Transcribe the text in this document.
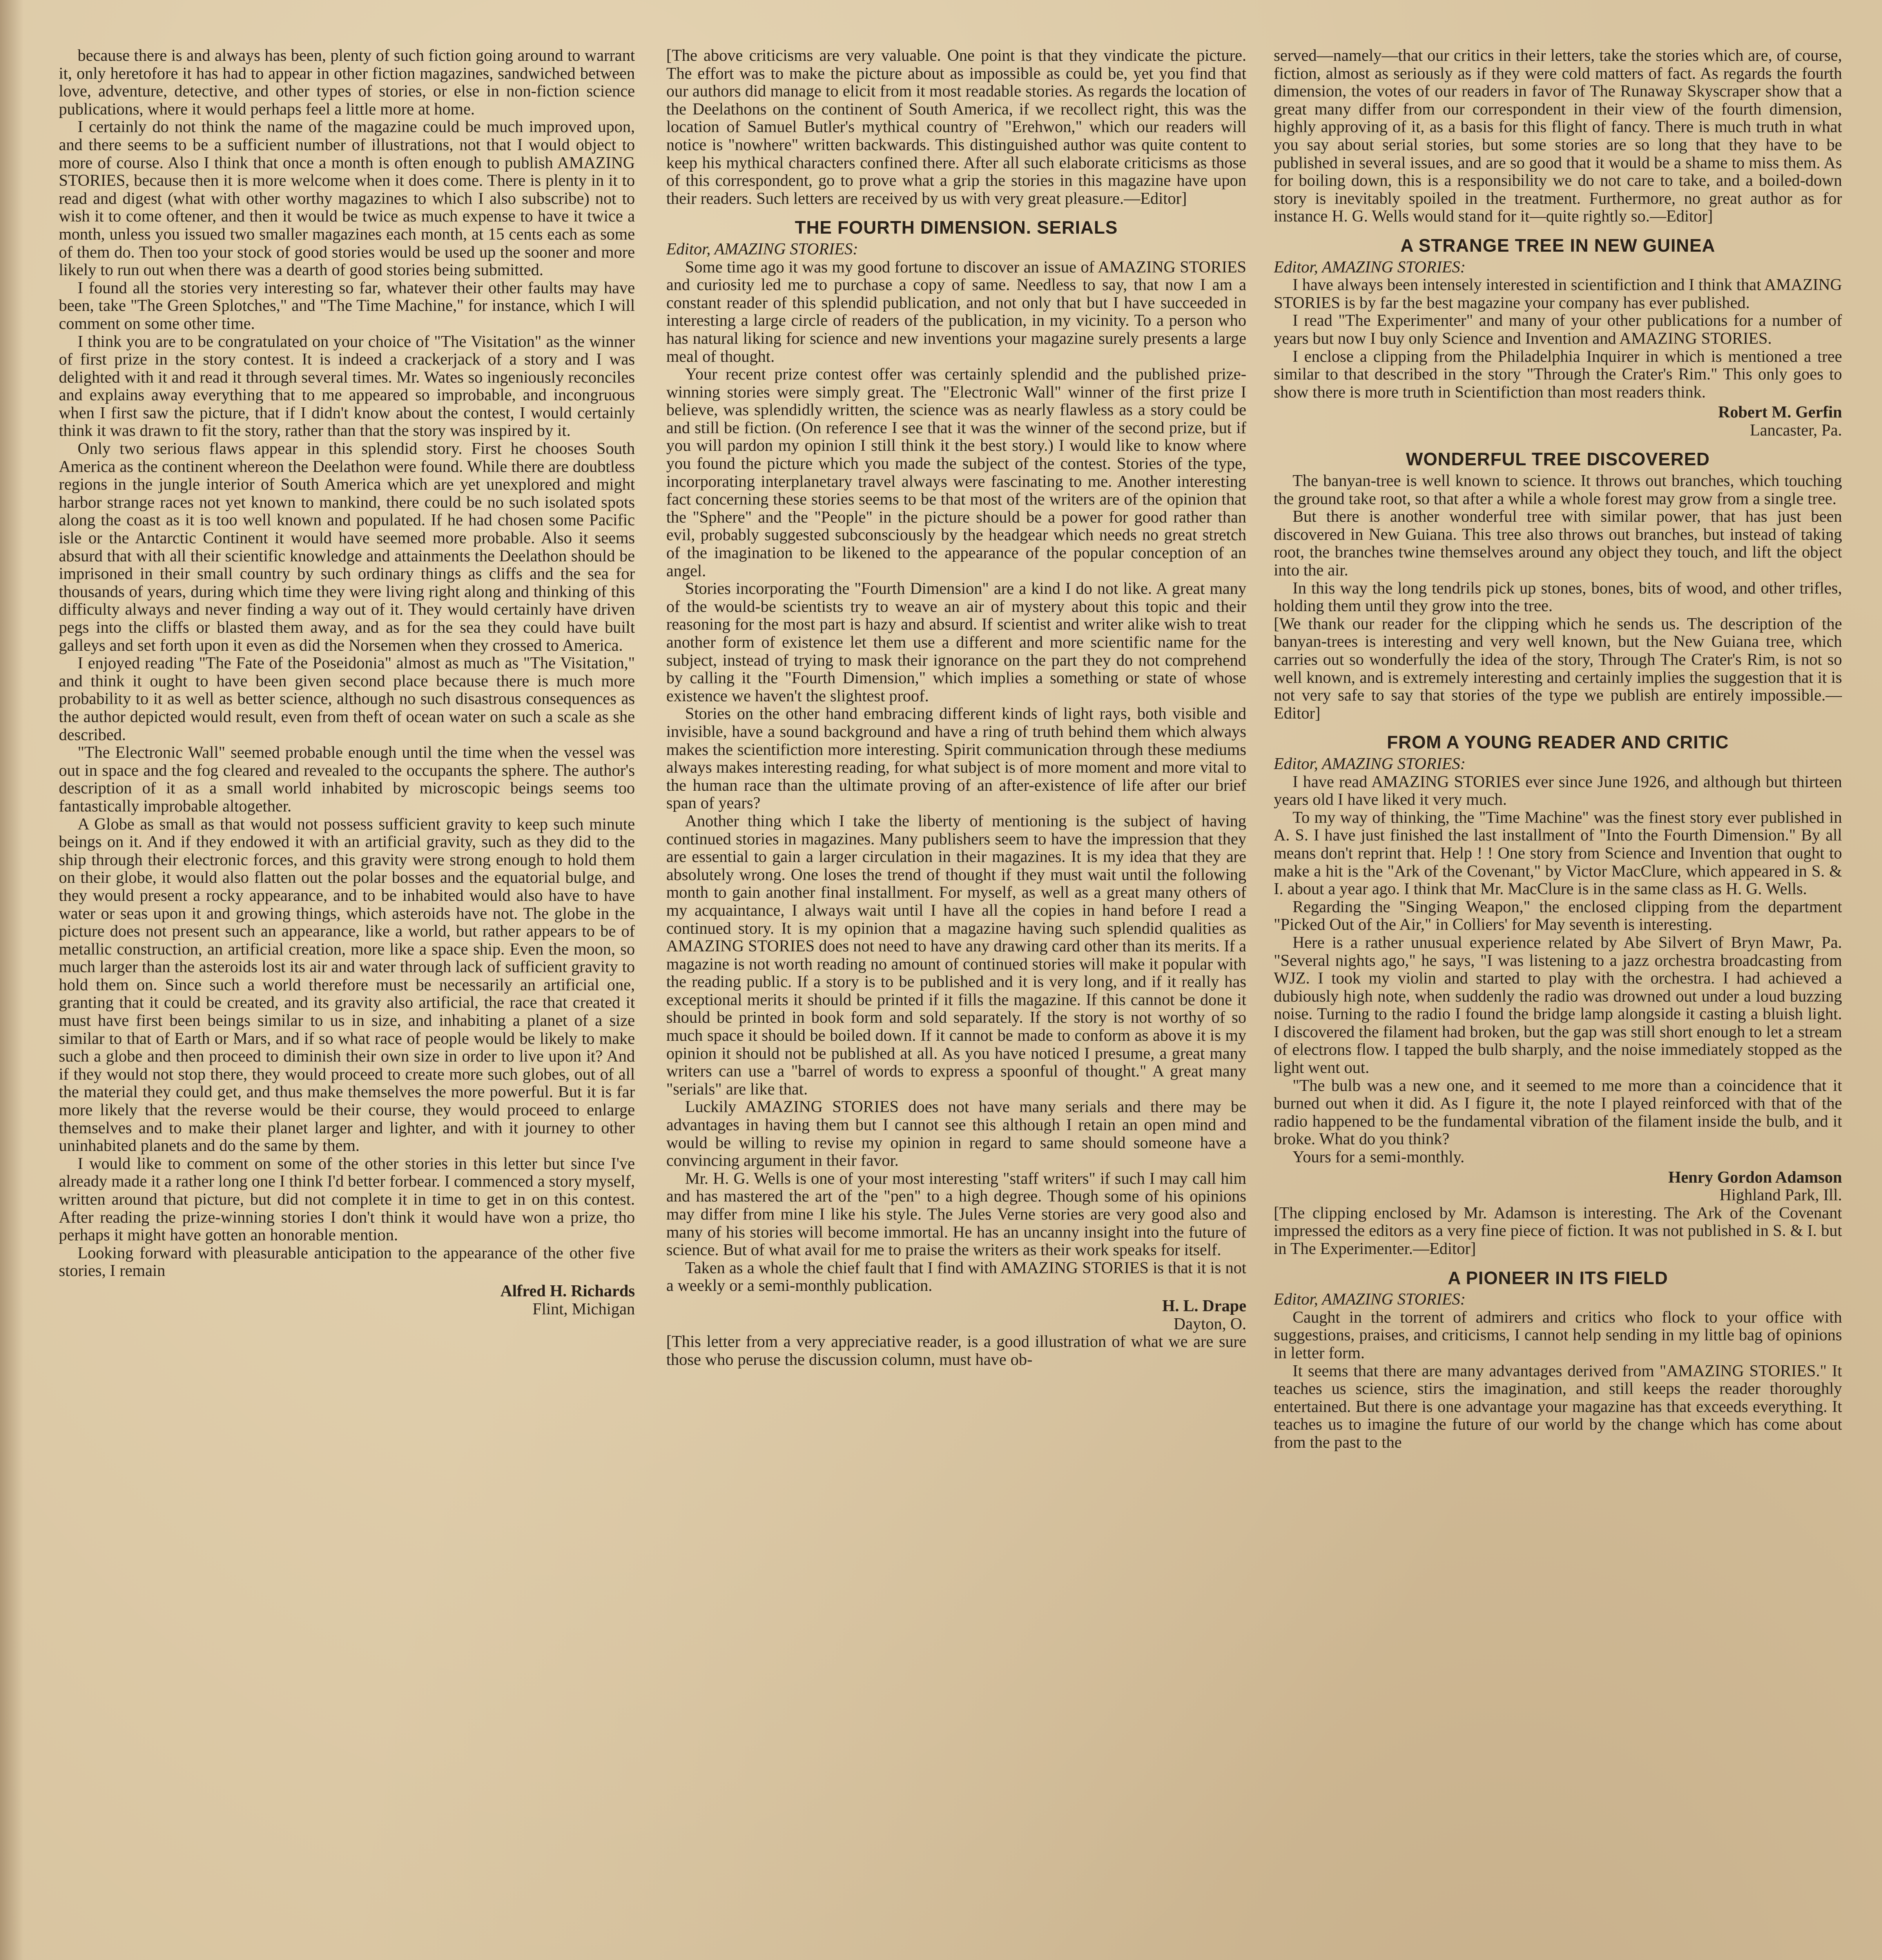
because there is and always has been, plenty of such fiction going around to warrant it, only heretofore it has had to appear in other fiction magazines, sandwiched between love, adventure, detective, and other types of stories, or else in non-fiction science publications, where it would perhaps feel a little more at home.

I certainly do not think the name of the magazine could be much improved upon, and there seems to be a sufficient number of illustrations, not that I would object to more of course. Also I think that once a month is often enough to publish AMAZING STORIES, because then it is more welcome when it does come. There is plenty in it to read and digest (what with other worthy magazines to which I also subscribe) not to wish it to come oftener, and then it would be twice as much expense to have it twice a month, unless you issued two smaller magazines each month, at 15 cents each as some of them do. Then too your stock of good stories would be used up the sooner and more likely to run out when there was a dearth of good stories being submitted.

I found all the stories very interesting so far, whatever their other faults may have been, take "The Green Splotches," and "The Time Machine," for instance, which I will comment on some other time.

I think you are to be congratulated on your choice of "The Visitation" as the winner of first prize in the story contest. It is indeed a crackerjack of a story and I was delighted with it and read it through several times. Mr. Wates so ingeniously reconciles and explains away everything that to me appeared so improbable, and incongruous when I first saw the picture, that if I didn't know about the contest, I would certainly think it was drawn to fit the story, rather than that the story was inspired by it.

Only two serious flaws appear in this splendid story. First he chooses South America as the continent whereon the Deelathon were found. While there are doubtless regions in the jungle interior of South America which are yet unexplored and might harbor strange races not yet known to mankind, there could be no such isolated spots along the coast as it is too well known and populated. If he had chosen some Pacific isle or the Antarctic Continent it would have seemed more probable. Also it seems absurd that with all their scientific knowledge and attainments the Deelathon should be imprisoned in their small country by such ordinary things as cliffs and the sea for thousands of years, during which time they were living right along and thinking of this difficulty always and never finding a way out of it. They would certainly have driven pegs into the cliffs or blasted them away, and as for the sea they could have built galleys and set forth upon it even as did the Norsemen when they crossed to America.

I enjoyed reading "The Fate of the Poseidonia" almost as much as "The Visitation," and think it ought to have been given second place because there is much more probability to it as well as better science, although no such disastrous consequences as the author depicted would result, even from theft of ocean water on such a scale as she described.

"The Electronic Wall" seemed probable enough until the time when the vessel was out in space and the fog cleared and revealed to the occupants the sphere. The author's description of it as a small world inhabited by microscopic beings seems too fantastically improbable altogether.

A Globe as small as that would not possess sufficient gravity to keep such minute beings on it. And if they endowed it with an artificial gravity, such as they did to the ship through their electronic forces, and this gravity were strong enough to hold them on their globe, it would also flatten out the polar bosses and the equatorial bulge, and they would present a rocky appearance, and to be inhabited would also have to have water or seas upon it and growing things, which asteroids have not. The globe in the picture does not present such an appearance, like a world, but rather appears to be of metallic construction, an artificial creation, more like a space ship. Even the moon, so much larger than the asteroids lost its air and water through lack of sufficient gravity to hold them on. Since such a world therefore must be necessarily an artificial one, granting that it could be created, and its gravity also artificial, the race that created it must have first been beings similar to us in size, and inhabiting a planet of a size similar to that of Earth or Mars, and if so what race of people would be likely to make such a globe and then proceed to diminish their own size in order to live upon it? And if they would not stop there, they would proceed to create more such globes, out of all the material they could get, and thus make themselves the more powerful. But it is far more likely that the reverse would be their course, they would proceed to enlarge themselves and to make their planet larger and lighter, and with it journey to other uninhabited planets and do the same by them.

I would like to comment on some of the other stories in this letter but since I've already made it a rather long one I think I'd better forbear. I commenced a story myself, written around that picture, but did not complete it in time to get in on this contest. After reading the prize-winning stories I don't think it would have won a prize, tho perhaps it might have gotten an honorable mention.

Looking forward with pleasurable anticipation to the appearance of the other five stories, I remain

Alfred H. Richards

Flint, Michigan

[The above criticisms are very valuable. One point is that they vindicate the picture. The effort was to make the picture about as impossible as could be, yet you find that our authors did manage to elicit from it most readable stories. As regards the location of the Deelathons on the continent of South America, if we recollect right, this was the location of Samuel Butler's mythical country of "Erehwon," which our readers will notice is "nowhere" written backwards. This distinguished author was quite content to keep his mythical characters confined there. After all such elaborate criticisms as those of this correspondent, go to prove what a grip the stories in this magazine have upon their readers. Such letters are received by us with very great pleasure.—Editor]

THE FOURTH DIMENSION. SERIALS

Editor, AMAZING STORIES:

Some time ago it was my good fortune to discover an issue of AMAZING STORIES and curiosity led me to purchase a copy of same. Needless to say, that now I am a constant reader of this splendid publication, and not only that but I have succeeded in interesting a large circle of readers of the publication, in my vicinity. To a person who has natural liking for science and new inventions your magazine surely presents a large meal of thought.

Your recent prize contest offer was certainly splendid and the published prize-winning stories were simply great. The "Electronic Wall" winner of the first prize I believe, was splendidly written, the science was as nearly flawless as a story could be and still be fiction. (On reference I see that it was the winner of the second prize, but if you will pardon my opinion I still think it the best story.) I would like to know where you found the picture which you made the subject of the contest. Stories of the type, incorporating interplanetary travel always were fascinating to me. Another interesting fact concerning these stories seems to be that most of the writers are of the opinion that the "Sphere" and the "People" in the picture should be a power for good rather than evil, probably suggested subconsciously by the headgear which needs no great stretch of the imagination to be likened to the appearance of the popular conception of an angel.

Stories incorporating the "Fourth Dimension" are a kind I do not like. A great many of the would-be scientists try to weave an air of mystery about this topic and their reasoning for the most part is hazy and absurd. If scientist and writer alike wish to treat another form of existence let them use a different and more scientific name for the subject, instead of trying to mask their ignorance on the part they do not comprehend by calling it the "Fourth Dimension," which implies a something or state of whose existence we haven't the slightest proof.

Stories on the other hand embracing different kinds of light rays, both visible and invisible, have a sound background and have a ring of truth behind them which always makes the scientifiction more interesting. Spirit communication through these mediums always makes interesting reading, for what subject is of more moment and more vital to the human race than the ultimate proving of an after-existence of life after our brief span of years?

Another thing which I take the liberty of mentioning is the subject of having continued stories in magazines. Many publishers seem to have the impression that they are essential to gain a larger circulation in their magazines. It is my idea that they are absolutely wrong. One loses the trend of thought if they must wait until the following month to gain another final installment. For myself, as well as a great many others of my acquaintance, I always wait until I have all the copies in hand before I read a continued story. It is my opinion that a magazine having such splendid qualities as AMAZING STORIES does not need to have any drawing card other than its merits. If a magazine is not worth reading no amount of continued stories will make it popular with the reading public. If a story is to be published and it is very long, and if it really has exceptional merits it should be printed if it fills the magazine. If this cannot be done it should be printed in book form and sold separately. If the story is not worthy of so much space it should be boiled down. If it cannot be made to conform as above it is my opinion it should not be published at all. As you have noticed I presume, a great many writers can use a "barrel of words to express a spoonful of thought." A great many "serials" are like that.

Luckily AMAZING STORIES does not have many serials and there may be advantages in having them but I cannot see this although I retain an open mind and would be willing to revise my opinion in regard to same should someone have a convincing argument in their favor.

Mr. H. G. Wells is one of your most interesting "staff writers" if such I may call him and has mastered the art of the "pen" to a high degree. Though some of his opinions may differ from mine I like his style. The Jules Verne stories are very good also and many of his stories will become immortal. He has an uncanny insight into the future of science. But of what avail for me to praise the writers as their work speaks for itself.

Taken as a whole the chief fault that I find with AMAZING STORIES is that it is not a weekly or a semi-monthly publication.

H. L. Drape

Dayton, O.

[This letter from a very appreciative reader, is a good illustration of what we are sure those who peruse the discussion column, must have ob-

served—namely—that our critics in their letters, take the stories which are, of course, fiction, almost as seriously as if they were cold matters of fact. As regards the fourth dimension, the votes of our readers in favor of The Runaway Skyscraper show that a great many differ from our correspondent in their view of the fourth dimension, highly approving of it, as a basis for this flight of fancy. There is much truth in what you say about serial stories, but some stories are so long that they have to be published in several issues, and are so good that it would be a shame to miss them. As for boiling down, this is a responsibility we do not care to take, and a boiled-down story is inevitably spoiled in the treatment. Furthermore, no great author as for instance H. G. Wells would stand for it—quite rightly so.—Editor]

A STRANGE TREE IN NEW GUINEA

Editor, AMAZING STORIES:

I have always been intensely interested in scientifiction and I think that AMAZING STORIES is by far the best magazine your company has ever published.

I read "The Experimenter" and many of your other publications for a number of years but now I buy only Science and Invention and AMAZING STORIES.

I enclose a clipping from the Philadelphia Inquirer in which is mentioned a tree similar to that described in the story "Through the Crater's Rim." This only goes to show there is more truth in Scientifiction than most readers think.

Robert M. Gerfin

Lancaster, Pa.

WONDERFUL TREE DISCOVERED

The banyan-tree is well known to science. It throws out branches, which touching the ground take root, so that after a while a whole forest may grow from a single tree.

But there is another wonderful tree with similar power, that has just been discovered in New Guiana. This tree also throws out branches, but instead of taking root, the branches twine themselves around any object they touch, and lift the object into the air.

In this way the long tendrils pick up stones, bones, bits of wood, and other trifles, holding them until they grow into the tree.

[We thank our reader for the clipping which he sends us. The description of the banyan-trees is interesting and very well known, but the New Guiana tree, which carries out so wonderfully the idea of the story, Through The Crater's Rim, is not so well known, and is extremely interesting and certainly implies the suggestion that it is not very safe to say that stories of the type we publish are entirely impossible.—Editor]

FROM A YOUNG READER AND CRITIC

Editor, AMAZING STORIES:

I have read AMAZING STORIES ever since June 1926, and although but thirteen years old I have liked it very much.

To my way of thinking, the "Time Machine" was the finest story ever published in A. S. I have just finished the last installment of "Into the Fourth Dimension." By all means don't reprint that. Help ! ! One story from Science and Invention that ought to make a hit is the "Ark of the Covenant," by Victor MacClure, which appeared in S. & I. about a year ago. I think that Mr. MacClure is in the same class as H. G. Wells.

Regarding the "Singing Weapon," the enclosed clipping from the department "Picked Out of the Air," in Colliers' for May seventh is interesting.

Here is a rather unusual experience related by Abe Silvert of Bryn Mawr, Pa. "Several nights ago," he says, "I was listening to a jazz orchestra broadcasting from WJZ. I took my violin and started to play with the orchestra. I had achieved a dubiously high note, when suddenly the radio was drowned out under a loud buzzing noise. Turning to the radio I found the bridge lamp alongside it casting a bluish light. I discovered the filament had broken, but the gap was still short enough to let a stream of electrons flow. I tapped the bulb sharply, and the noise immediately stopped as the light went out.

"The bulb was a new one, and it seemed to me more than a coincidence that it burned out when it did. As I figure it, the note I played reinforced with that of the radio happened to be the fundamental vibration of the filament inside the bulb, and it broke. What do you think?

Yours for a semi-monthly.

Henry Gordon Adamson

Highland Park, Ill.

[The clipping enclosed by Mr. Adamson is interesting. The Ark of the Covenant impressed the editors as a very fine piece of fiction. It was not published in S. & I. but in The Experimenter.—Editor]

A PIONEER IN ITS FIELD

Editor, AMAZING STORIES:

Caught in the torrent of admirers and critics who flock to your office with suggestions, praises, and criticisms, I cannot help sending in my little bag of opinions in letter form.

It seems that there are many advantages derived from "AMAZING STORIES." It teaches us science, stirs the imagination, and still keeps the reader thoroughly entertained. But there is one advantage your magazine has that exceeds everything. It teaches us to imagine the future of our world by the change which has come about from the past to the
